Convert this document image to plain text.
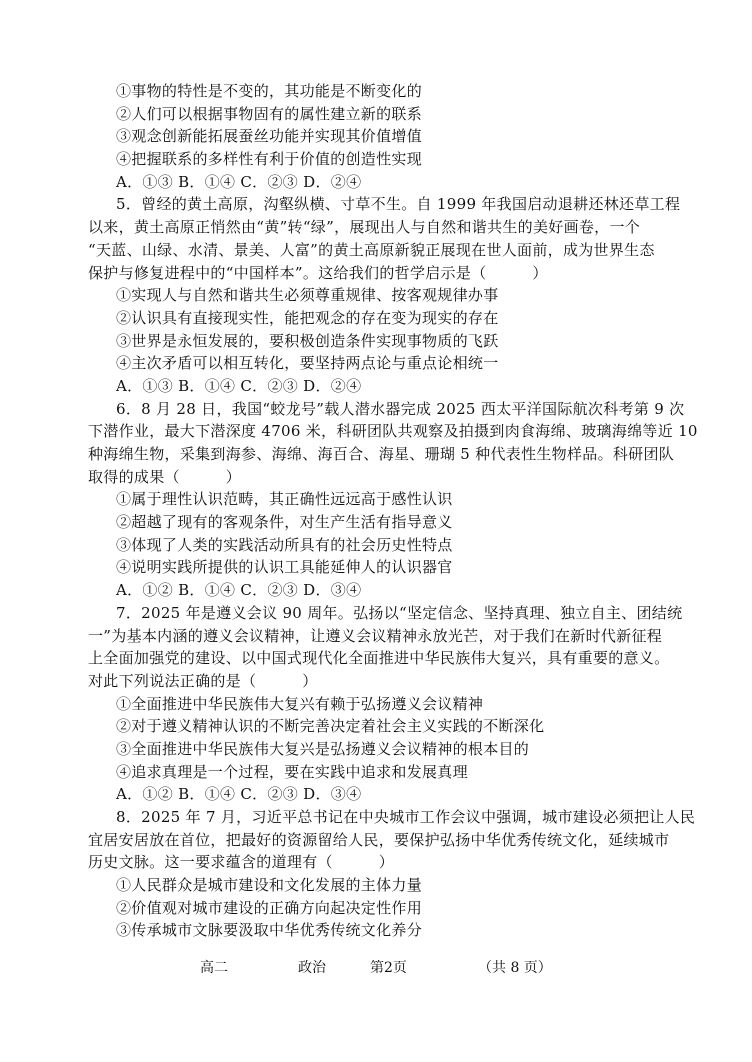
①事物的特性是不变的，其功能是不断变化的
②人们可以根据事物固有的属性建立新的联系
③观念创新能拓展蚕丝功能并实现其价值增值
④把握联系的多样性有利于价值的创造性实现
A．①③ B．①④ C．②③ D．②④
5．曾经的黄土高原，沟壑纵横、寸草不生。自 1999 年我国启动退耕还林还草工程
以来，黄土高原正悄然由“黄”转“绿”，展现出人与自然和谐共生的美好画卷，一个
“天蓝、山绿、水清、景美、人富”的黄土高原新貌正展现在世人面前，成为世界生态
保护与修复进程中的“中国样本”。这给我们的哲学启示是（　　　）
①实现人与自然和谐共生必须尊重规律、按客观规律办事
②认识具有直接现实性，能把观念的存在变为现实的存在
③世界是永恒发展的，要积极创造条件实现事物质的飞跃
④主次矛盾可以相互转化，要坚持两点论与重点论相统一
A．①③ B．①④ C．②③ D．②④
6．8 月 28 日，我国“蛟龙号”载人潜水器完成 2025 西太平洋国际航次科考第 9 次
下潜作业，最大下潜深度 4706 米，科研团队共观察及拍摄到肉食海绵、玻璃海绵等近 10
种海绵生物，采集到海参、海绵、海百合、海星、珊瑚 5 种代表性生物样品。科研团队
取得的成果（　　　）
①属于理性认识范畴，其正确性远远高于感性认识
②超越了现有的客观条件，对生产生活有指导意义
③体现了人类的实践活动所具有的社会历史性特点
④说明实践所提供的认识工具能延伸人的认识器官
A．①② B．①④ C．②③ D．③④
7．2025 年是遵义会议 90 周年。弘扬以“坚定信念、坚持真理、独立自主、团结统
一”为基本内涵的遵义会议精神，让遵义会议精神永放光芒，对于我们在新时代新征程
上全面加强党的建设、以中国式现代化全面推进中华民族伟大复兴，具有重要的意义。
对此下列说法正确的是（　　　）
①全面推进中华民族伟大复兴有赖于弘扬遵义会议精神
②对于遵义精神认识的不断完善决定着社会主义实践的不断深化
③全面推进中华民族伟大复兴是弘扬遵义会议精神的根本目的
④追求真理是一个过程，要在实践中追求和发展真理
A．①② B．①④ C．②③ D．③④
8．2025 年 7 月，习近平总书记在中央城市工作会议中强调，城市建设必须把让人民
宜居安居放在首位，把最好的资源留给人民，要保护弘扬中华优秀传统文化，延续城市
历史文脉。这一要求蕴含的道理有（　　　）
①人民群众是城市建设和文化发展的主体力量
②价值观对城市建设的正确方向起决定性作用
③传承城市文脉要汲取中华优秀传统文化养分
高二	政治	第2页	（共 8 页）
